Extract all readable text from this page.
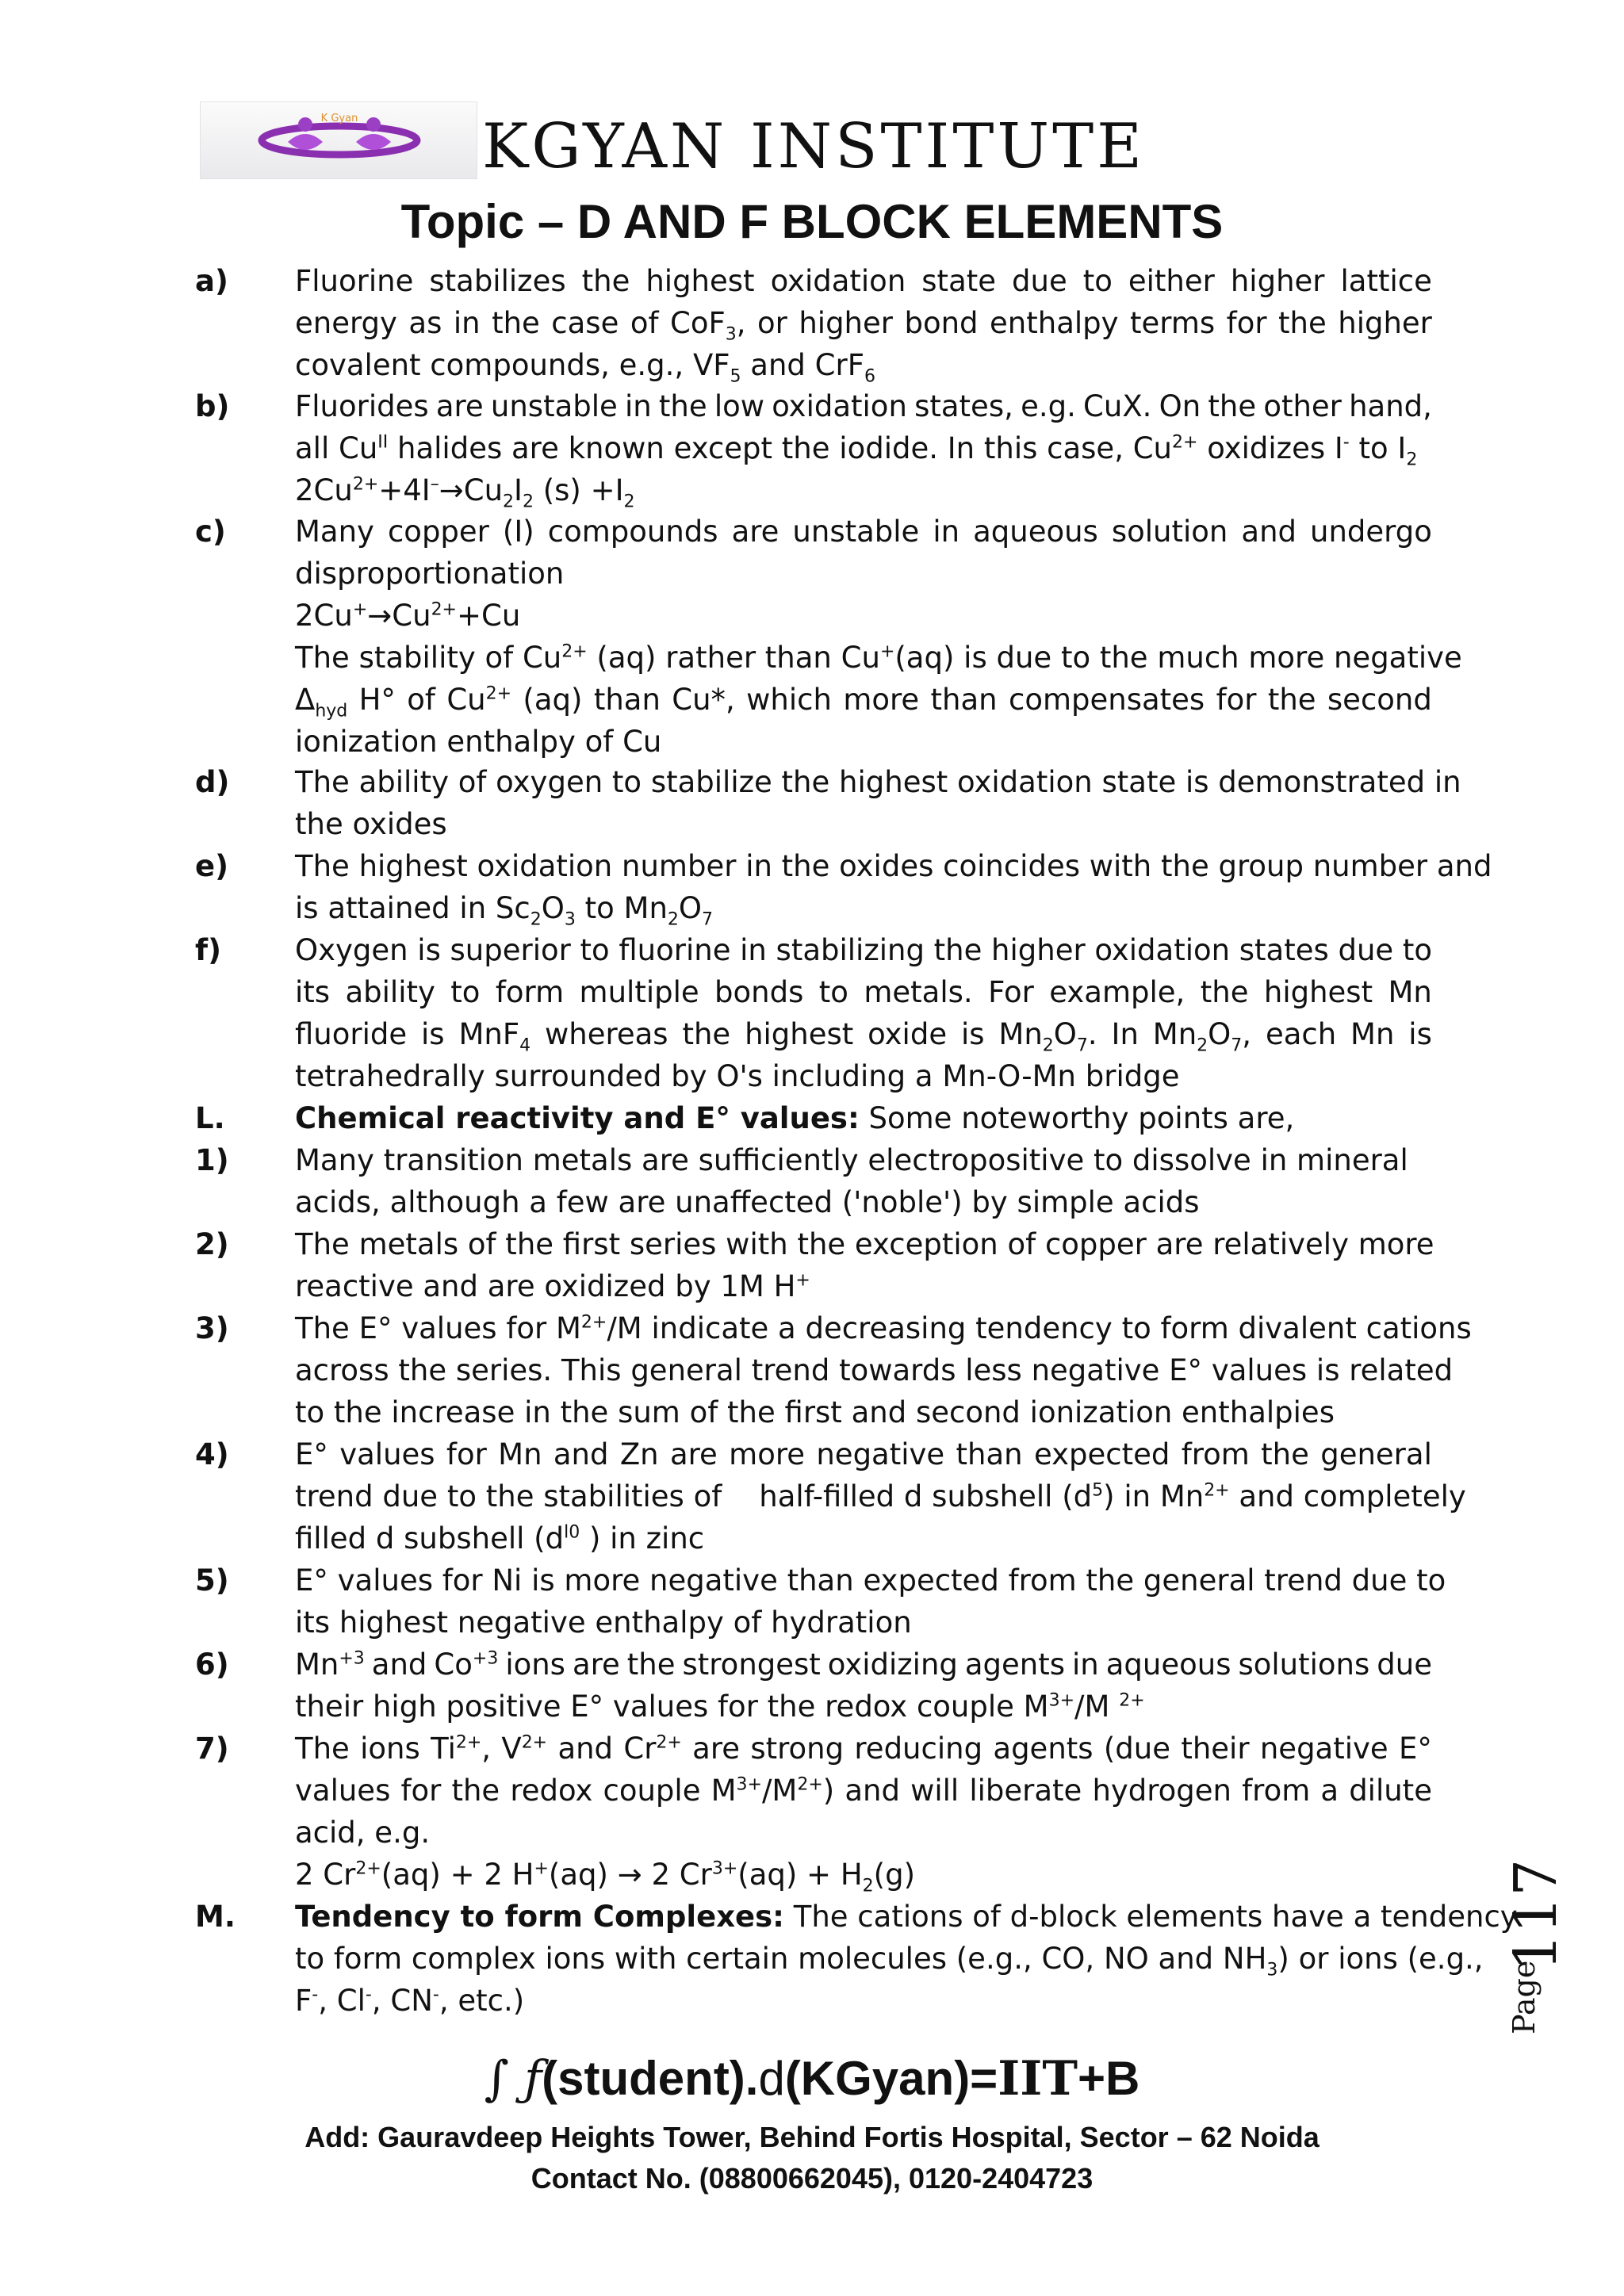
K Gyan KGYAN INSTITUTE
Topic – D AND F BLOCK ELEMENTS
a) Fluorine stabilizes the highest oxidation state due to either higher lattice
energy as in the case of CoF$_3$, or higher bond enthalpy terms for the higher
covalent compounds, e.g., $VF_5$ and CrF$_6$
b) Fluorides are unstable in the low oxidation states, e.g. CuX. On the other hand,
all $Cu^{II}$ halides are known except the iodide. In this case, $Cu^{2+}$ oxidizes I- to $I_2$
$2Cu^{2+}+4I^-\to Cu_2I_2$ $(s) +I_2$
c) Many copper (I) compounds are unstable in aqueous solution and undergo
disproportionation
$2Cu^+\to Cu^{2+}+Cu$
The stability of $Cu^{2+}$ (aq) rather than Cu+(aq) is due to the much more negative
$\Delta_{hyd}$ H° of $Cu^{2+}$ (aq) than Cu*, which more than compensates for the second
ionization enthalpy of Cu
d) The ability of oxygen to stabilize the highest oxidation state is demonstrated in
the oxides
e) The highest oxidation number in the oxides coincides with the group number and
is attained in $Sc_2O_3$ to $Mn_2O_7$
f)	Oxygen is superior to fluorine in stabilizing the higher oxidation states due to
its ability to form multiple bonds to metals. For example, the highest Mn
fluoride is MnF$_4$ whereas the highest oxide is $Mn_2O_7$. In $Mn_2O_7$, each Mn is
tetrahedrally surrounded by O's including a Mn-O-Mn bridge
L. Chemical reactivity and E° values: Some noteworthy points are,
1) Many transition metals are sufficiently electropositive to dissolve in mineral
acids, although a few are unaffected ('noble') by simple acids
2) The metals of the first series with the exception of copper are relatively more
reactive and are oxidized by 1M H+
3) The E° values for $M^{2+}/M$ indicate a decreasing tendency to form divalent cations
across the series. This general trend towards less negative E° values is related
to the increase in the sum of the first and second ionization enthalpies
4) E° values for Mn and Zn are more negative than expected from the general
trend due to the stabilities of    half-filled d subshell $(d^5)$ in $Mn^{2+}$ and completely
filled d subshell ($d^{l0}$ ) in zinc
5) E° values for Ni is more negative than expected from the general trend due to
its highest negative enthalpy of hydration
6) $Mn^{+3}$ and $Co^{+3}$ ions are the strongest oxidizing agents in aqueous solutions due
their high positive E° values for the redox couple $M^{3+}/M$ $^{2+}$
7) The ions $Ti^{2+}$, $V^{2+}$ and $Cr^{2+}$ are strong reducing agents (due their negative E°
values for the redox couple $M^{3+}/M^{2+}$) and will liberate hydrogen from a dilute
acid, e.g.
2 $Cr^{2+}(aq) + 2$ H+(aq) → 2 $Cr^{3+}(aq) + H_2(g)$
M. Tendency to form Complexes: The cations of d-block elements have a tendency
to form complex ions with certain molecules (e.g., CO, NO and $NH_3$) or ions (e.g.,
F-, Cl-, CN-, etc.)
117
Page
∫ ƒ(student).d(KGyan)=IIT+B
Add: Gauravdeep Heights Tower, Behind Fortis Hospital, Sector – 62 Noida
Contact No. (08800662045), 0120-2404723
